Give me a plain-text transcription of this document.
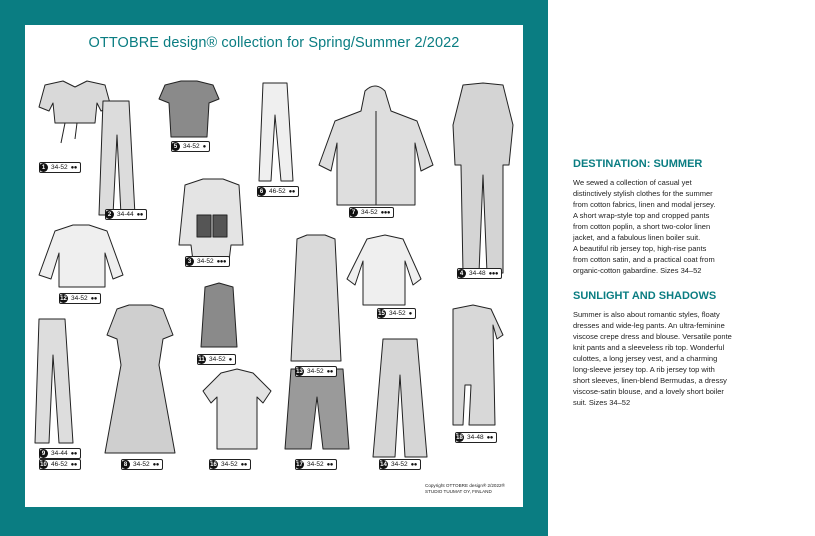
OTTOBRE design® collection for Spring/Summer 2/2022
1 34-52 ●●
2 34-44 ●●
5 34-52 ●
6 46-52 ●●
7 34-52 ●●●
3 34-52 ●●●
4 34-48 ●●●
12 34-52 ●●
15 34-52 ●
11 34-52 ●
13 34-52 ●●
18 34-48 ●●
9 34-44 ●●
10 46-52 ●●	8 34-52 ●●	16 34-52 ●●	17 34-52 ●●	14 34-52 ●●
Copyright OTTOBRE design® 2/2022®
STUDIO TUUMAT OY, FINLAND
DESTINATION: SUMMER
We sewed a collection of casual yet
distinctively stylish clothes for the summer
from cotton fabrics, linen and modal jersey.
A short wrap-style top and cropped pants
from cotton poplin, a short two-color linen
jacket, and a fabulous linen boiler suit.
A beautiful rib jersey top, high-rise pants
from cotton satin, and a practical coat from
organic-cotton gabardine. Sizes 34–52
SUNLIGHT AND SHADOWS
Summer is also about romantic styles, floaty
dresses and wide-leg pants. An ultra-feminine
viscose crepe dress and blouse. Versatile ponte
knit pants and a sleeveless rib top. Wonderful
culottes, a long jersey vest, and a charming
long-sleeve jersey top. A rib jersey top with
short sleeves, linen-blend Bermudas, a dressy
viscose-satin blouse, and a lovely short boiler
suit. Sizes 34–52
